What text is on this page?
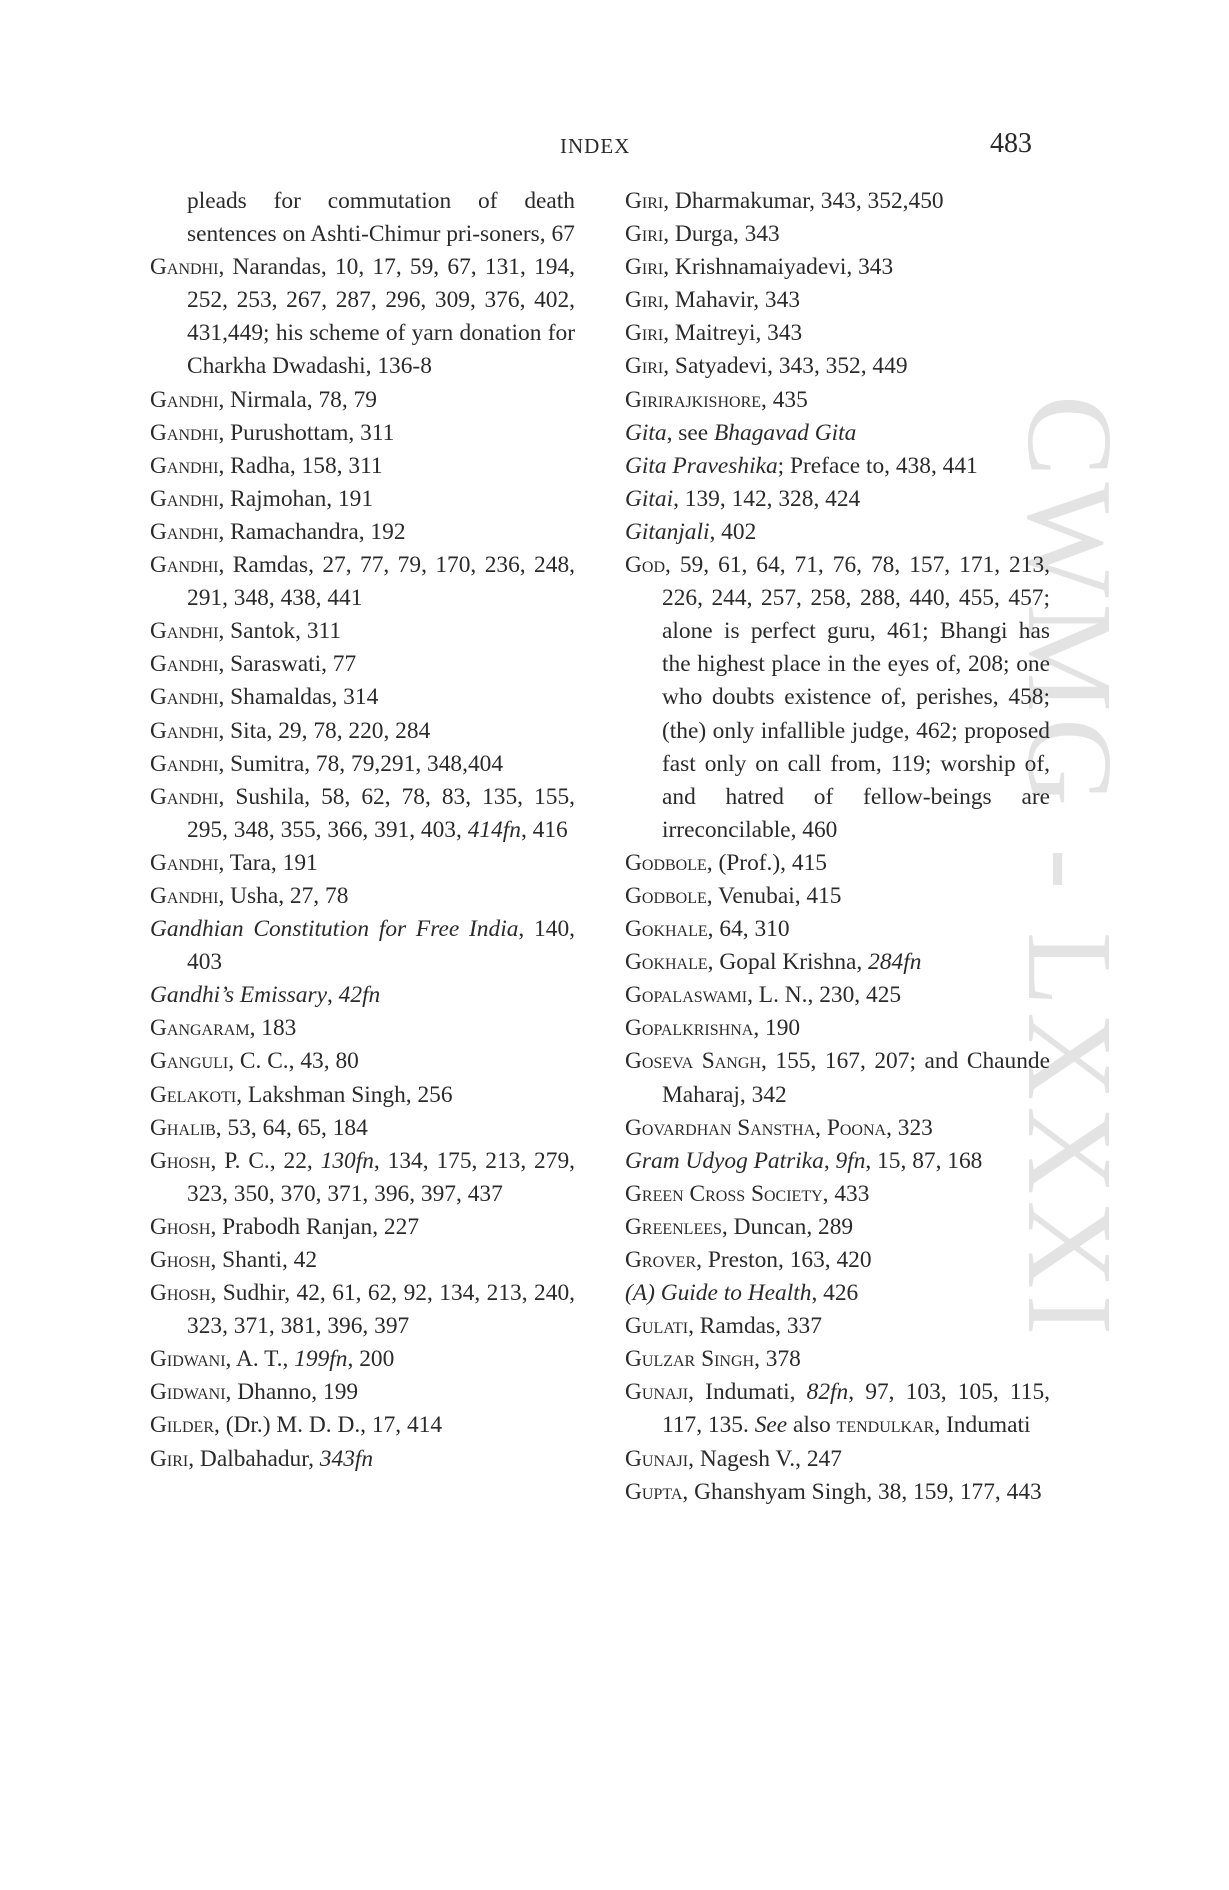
INDEX	483
CWMG - LXXXI

pleads for commutation of death sentences on Ashti-Chimur pri-soners, 67

Gandhi, Narandas, 10, 17, 59, 67, 131, 194, 252, 253, 267, 287, 296, 309, 376, 402, 431,449; his scheme of yarn donation for Charkha Dwadashi, 136-8

Gandhi, Nirmala, 78, 79

Gandhi, Purushottam, 311

Gandhi, Radha, 158, 311

Gandhi, Rajmohan, 191

Gandhi, Ramachandra, 192

Gandhi, Ramdas, 27, 77, 79, 170, 236, 248, 291, 348, 438, 441

Gandhi, Santok, 311

Gandhi, Saraswati, 77

Gandhi, Shamaldas, 314

Gandhi, Sita, 29, 78, 220, 284

Gandhi, Sumitra, 78, 79,291, 348,404

Gandhi, Sushila, 58, 62, 78, 83, 135, 155, 295, 348, 355, 366, 391, 403, 414fn, 416

Gandhi, Tara, 191

Gandhi, Usha, 27, 78

Gandhian Constitution for Free India, 140, 403

Gandhi’s Emissary, 42fn

Gangaram, 183

Ganguli, C. C., 43, 80

Gelakoti, Lakshman Singh, 256

Ghalib, 53, 64, 65, 184

Ghosh, P. C., 22, 130fn, 134, 175, 213, 279, 323, 350, 370, 371, 396, 397, 437

Ghosh, Prabodh Ranjan, 227

Ghosh, Shanti, 42

Ghosh, Sudhir, 42, 61, 62, 92, 134, 213, 240, 323, 371, 381, 396, 397

Gidwani, A. T., 199fn, 200

Gidwani, Dhanno, 199

Gilder, (Dr.) M. D. D., 17, 414

Giri, Dalbahadur, 343fn

Giri, Dharmakumar, 343, 352,450

Giri, Durga, 343

Giri, Krishnamaiyadevi, 343

Giri, Mahavir, 343

Giri, Maitreyi, 343

Giri, Satyadevi, 343, 352, 449

Girirajkishore, 435

Gita, see Bhagavad Gita

Gita Praveshika; Preface to, 438, 441

Gitai, 139, 142, 328, 424

Gitanjali, 402

God, 59, 61, 64, 71, 76, 78, 157, 171, 213, 226, 244, 257, 258, 288, 440, 455, 457; alone is perfect guru, 461; Bhangi has the highest place in the eyes of, 208; one who doubts existence of, perishes, 458; (the) only infallible judge, 462; proposed fast only on call from, 119; worship of, and hatred of fellow-beings are irreconcilable, 460

Godbole, (Prof.), 415

Godbole, Venubai, 415

Gokhale, 64, 310

Gokhale, Gopal Krishna, 284fn

Gopalaswami, L. N., 230, 425

Gopalkrishna, 190

Goseva Sangh, 155, 167, 207; and Chaunde Maharaj, 342

Govardhan Sanstha, Poona, 323

Gram Udyog Patrika, 9fn, 15, 87, 168

Green Cross Society, 433

Greenlees, Duncan, 289

Grover, Preston, 163, 420

(A) Guide to Health, 426

Gulati, Ramdas, 337

Gulzar Singh, 378

Gunaji, Indumati, 82fn, 97, 103, 105, 115, 117, 135. See also tendulkar, Indumati

Gunaji, Nagesh V., 247

Gupta, Ghanshyam Singh, 38, 159, 177, 443
